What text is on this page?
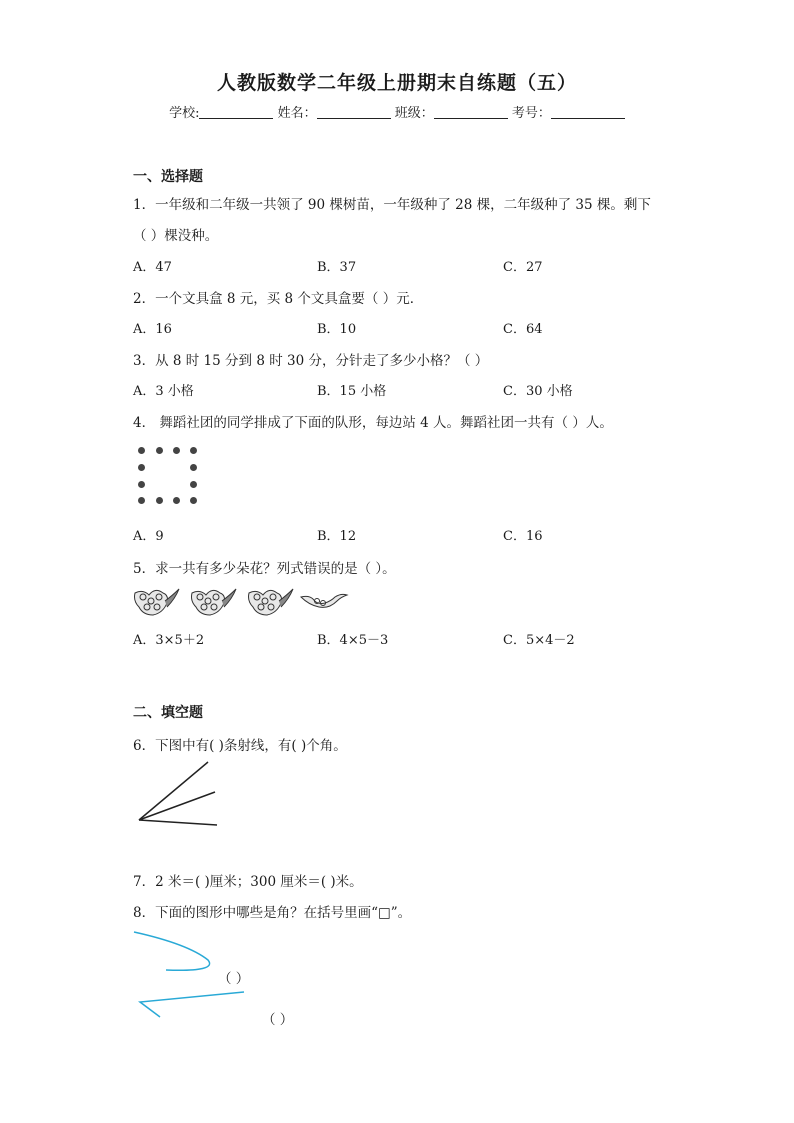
人教版数学二年级上册期末自练题（五）
学校:	姓名：	班级：	考号：
一、选择题
1．一年级和二年级一共领了 90 棵树苗，一年级种了 28 棵，二年级种了 35 棵。剩下
（ ）棵没种。
A．47	B．37	C．27
2．一个文具盒 8 元，买 8 个文具盒要（ ）元．
A．16	B．10	C．64
3．从 8 时 15 分到 8 时 30 分，分针走了多少小格？（ ）
A．3 小格	B．15 小格	C．30 小格
4． 舞蹈社团的同学排成了下面的队形，每边站 4 人。舞蹈社团一共有（ ）人。
A．9	B．12	C．16
5．求一共有多少朵花？列式错误的是（ ）。
A．3×5＋2	B．4×5－3	C．5×4－2
二、填空题
6．下图中有( )条射线，有( )个角。
7．2 米＝( )厘米；300 厘米＝( )米。
8．下面的图形中哪些是角？在括号里画“□”。
（ ）
（ ）
